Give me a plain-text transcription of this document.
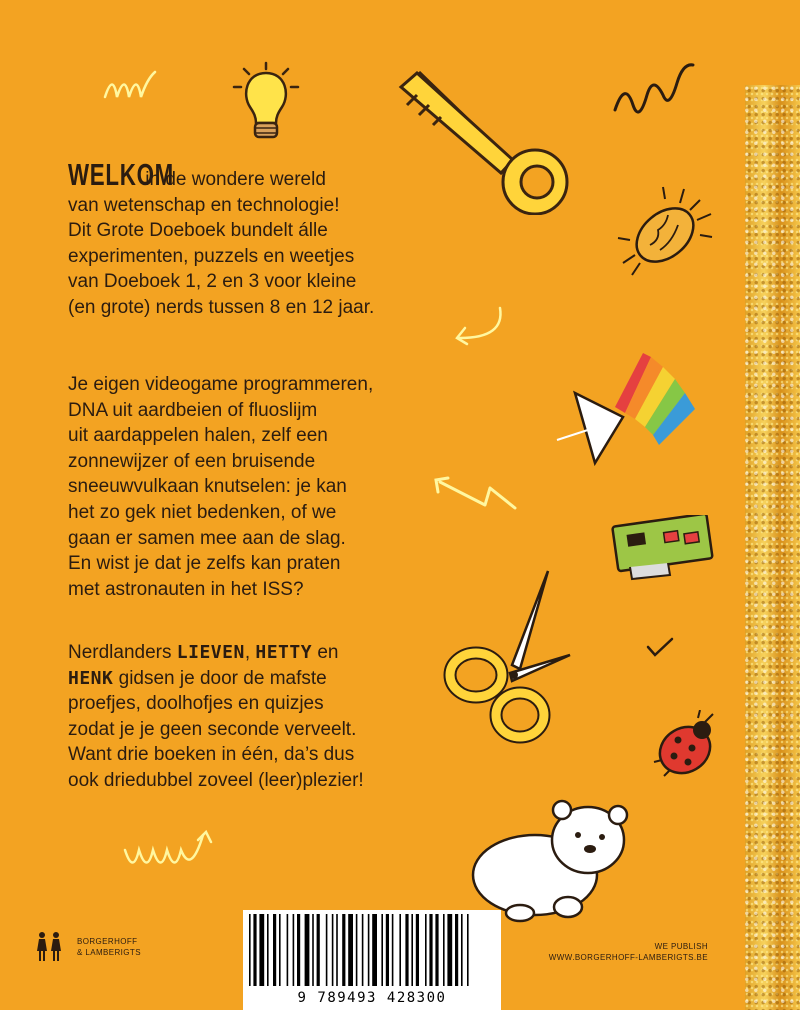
WELKOM in de wondere wereld
van wetenschap en technologie!
Dit Grote Doeboek bundelt álle
experimenten, puzzels en weetjes
van Doeboek 1, 2 en 3 voor kleine
(en grote) nerds tussen 8 en 12 jaar.
Je eigen videogame programmeren,
DNA uit aardbeien of fluoslijm
uit aardappelen halen, zelf een
zonnewijzer of een bruisende
sneeuwvulkaan knutselen: je kan
het zo gek niet bedenken, of we
gaan er samen mee aan de slag.
En wist je dat je zelfs kan praten
met astronauten in het ISS?
Nerdlanders LIEVEN, HETTY en
HENK gidsen je door de mafste
proefjes, doolhofjes en quizjes
zodat je je geen seconde verveelt.
Want drie boeken in één, da’s dus
ook driedubbel zoveel (leer)plezier!
BORGERHOFF
& LAMBERIGTS
9 789493 428300
WE PUBLISH
WWW.BORGERHOFF-LAMBERIGTS.BE
